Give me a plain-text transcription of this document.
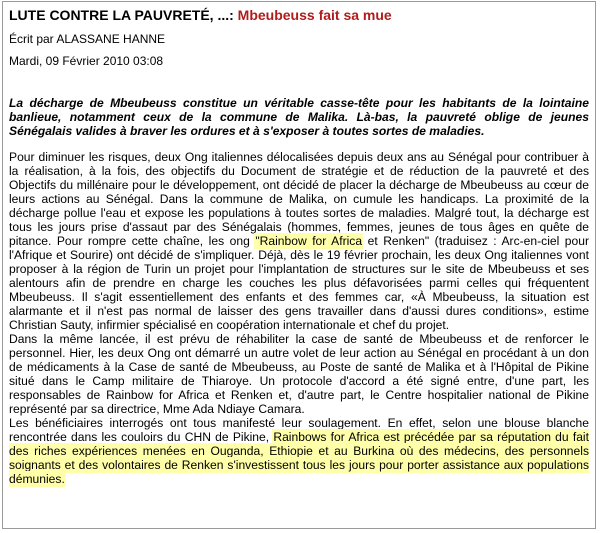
LUTE CONTRE LA PAUVRETÉ, ...: Mbeubeuss fait sa mue
Écrit par ALASSANE HANNE
Mardi, 09 Février 2010 03:08

La décharge de Mbeubeuss constitue un véritable casse-tête pour les habitants de la lointaine banlieue, notamment ceux de la commune de Malika. Là-bas, la pauvreté oblige de jeunes Sénégalais valides à braver les ordures et à s'exposer à toutes sortes de maladies.

Pour diminuer les risques, deux Ong italiennes délocalisées depuis deux ans au Sénégal pour contribuer à la réalisation, à la fois, des objectifs du Document de stratégie et de réduction de la pauvreté et des Objectifs du millénaire pour le développement, ont décidé de placer la décharge de Mbeubeuss au cœur de leurs actions au Sénégal. Dans la commune de Malika, on cumule les handicaps. La proximité de la décharge pollue l'eau et expose les populations à toutes sortes de maladies. Malgré tout, la décharge est tous les jours prise d'assaut par des Sénégalais (hommes, femmes, jeunes de tous âges en quête de pitance. Pour rompre cette chaîne, les ong "Rainbow for Africa et Renken" (traduisez : Arc-en-ciel pour l'Afrique et Sourire) ont décidé de s'impliquer. Déjà, dès le 19 février prochain, les deux Ong italiennes vont proposer à la région de Turin un projet pour l'implantation de structures sur le site de Mbeubeuss et ses alentours afin de prendre en charge les couches les plus défavorisées parmi celles qui fréquentent Mbeubeuss. Il s'agit essentiellement des enfants et des femmes car, «À Mbeubeuss, la situation est alarmante et il n'est pas normal de laisser des gens travailler dans d'aussi dures conditions», estime Christian Sauty, infirmier spécialisé en coopération internationale et chef du projet.

Dans la même lancée, il est prévu de réhabiliter la case de santé de Mbeubeuss et de renforcer le personnel. Hier, les deux Ong ont démarré un autre volet de leur action au Sénégal en procédant à un don de médicaments à la Case de santé de Mbeubeuss, au Poste de santé de Malika et à l'Hôpital de Pikine situé dans le Camp militaire de Thiaroye. Un protocole d'accord a été signé entre, d'une part, les responsables de Rainbow for Africa et Renken et, d'autre part, le Centre hospitalier national de Pikine représenté par sa directrice, Mme Ada Ndiaye Camara.

Les bénéficiaires interrogés ont tous manifesté leur soulagement. En effet, selon une blouse blanche rencontrée dans les couloirs du CHN de Pikine, Rainbows for Africa est précédée par sa réputation du fait des riches expériences menées en Ouganda, Ethiopie et au Burkina où des médecins, des personnels soignants et des volontaires de Renken s'investissent tous les jours pour porter assistance aux populations démunies.
